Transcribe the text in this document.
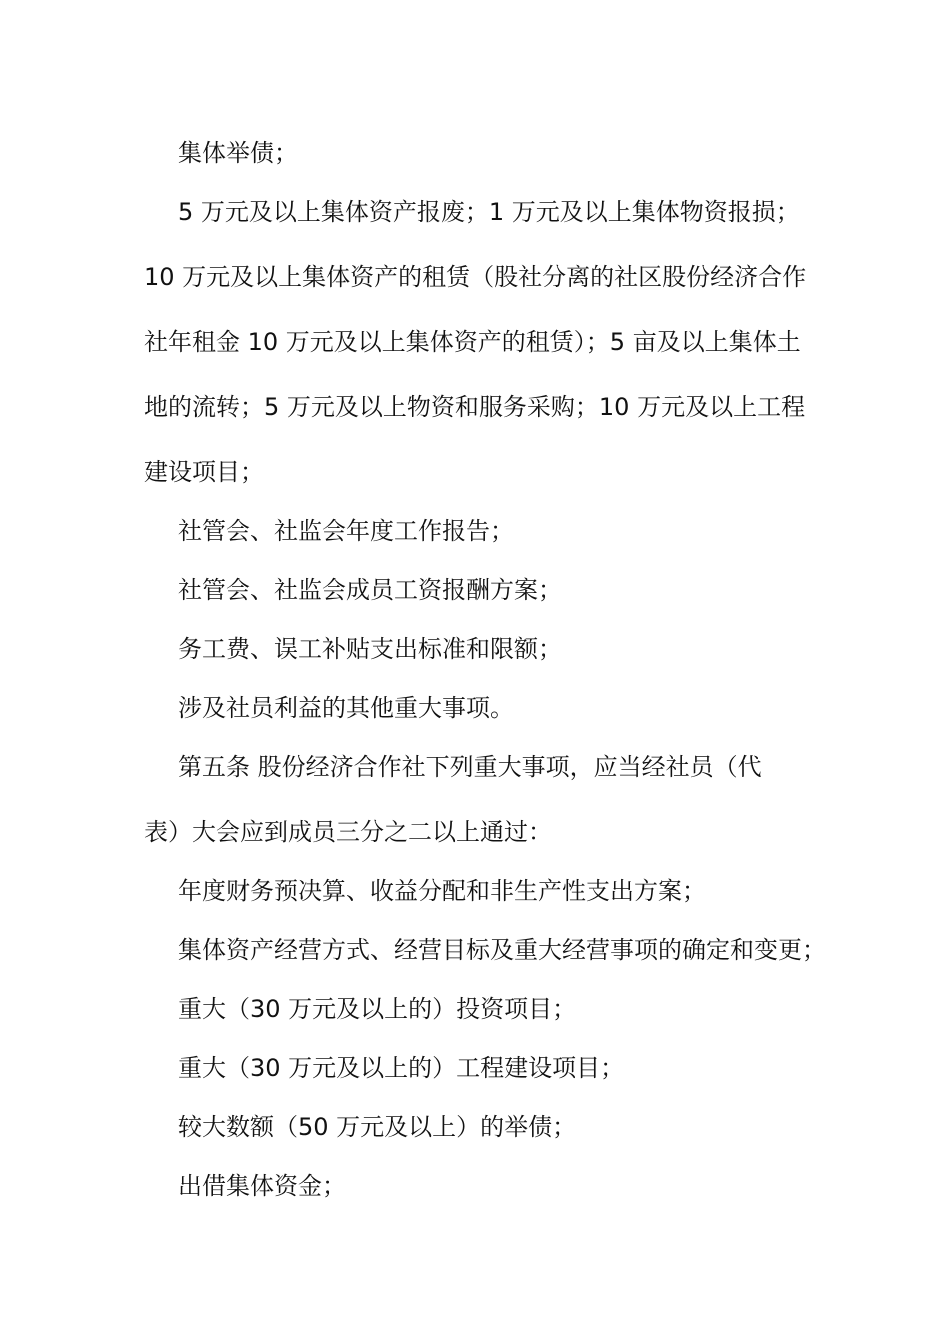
集体举债；

5 万元及以上集体资产报废；1 万元及以上集体物资报损；
10 万元及以上集体资产的租赁（股社分离的社区股份经济合作
社年租金 10 万元及以上集体资产的租赁）；5 亩及以上集体土
地的流转；5 万元及以上物资和服务采购；10 万元及以上工程
建设项目；

社管会、社监会年度工作报告；

社管会、社监会成员工资报酬方案；

务工费、误工补贴支出标准和限额；

涉及社员利益的其他重大事项。

第五条 股份经济合作社下列重大事项，应当经社员（代
表）大会应到成员三分之二以上通过：

年度财务预决算、收益分配和非生产性支出方案；

集体资产经营方式、经营目标及重大经营事项的确定和变更；

重大（30 万元及以上的）投资项目；

重大（30 万元及以上的）工程建设项目；

较大数额（50 万元及以上）的举债；

出借集体资金；
